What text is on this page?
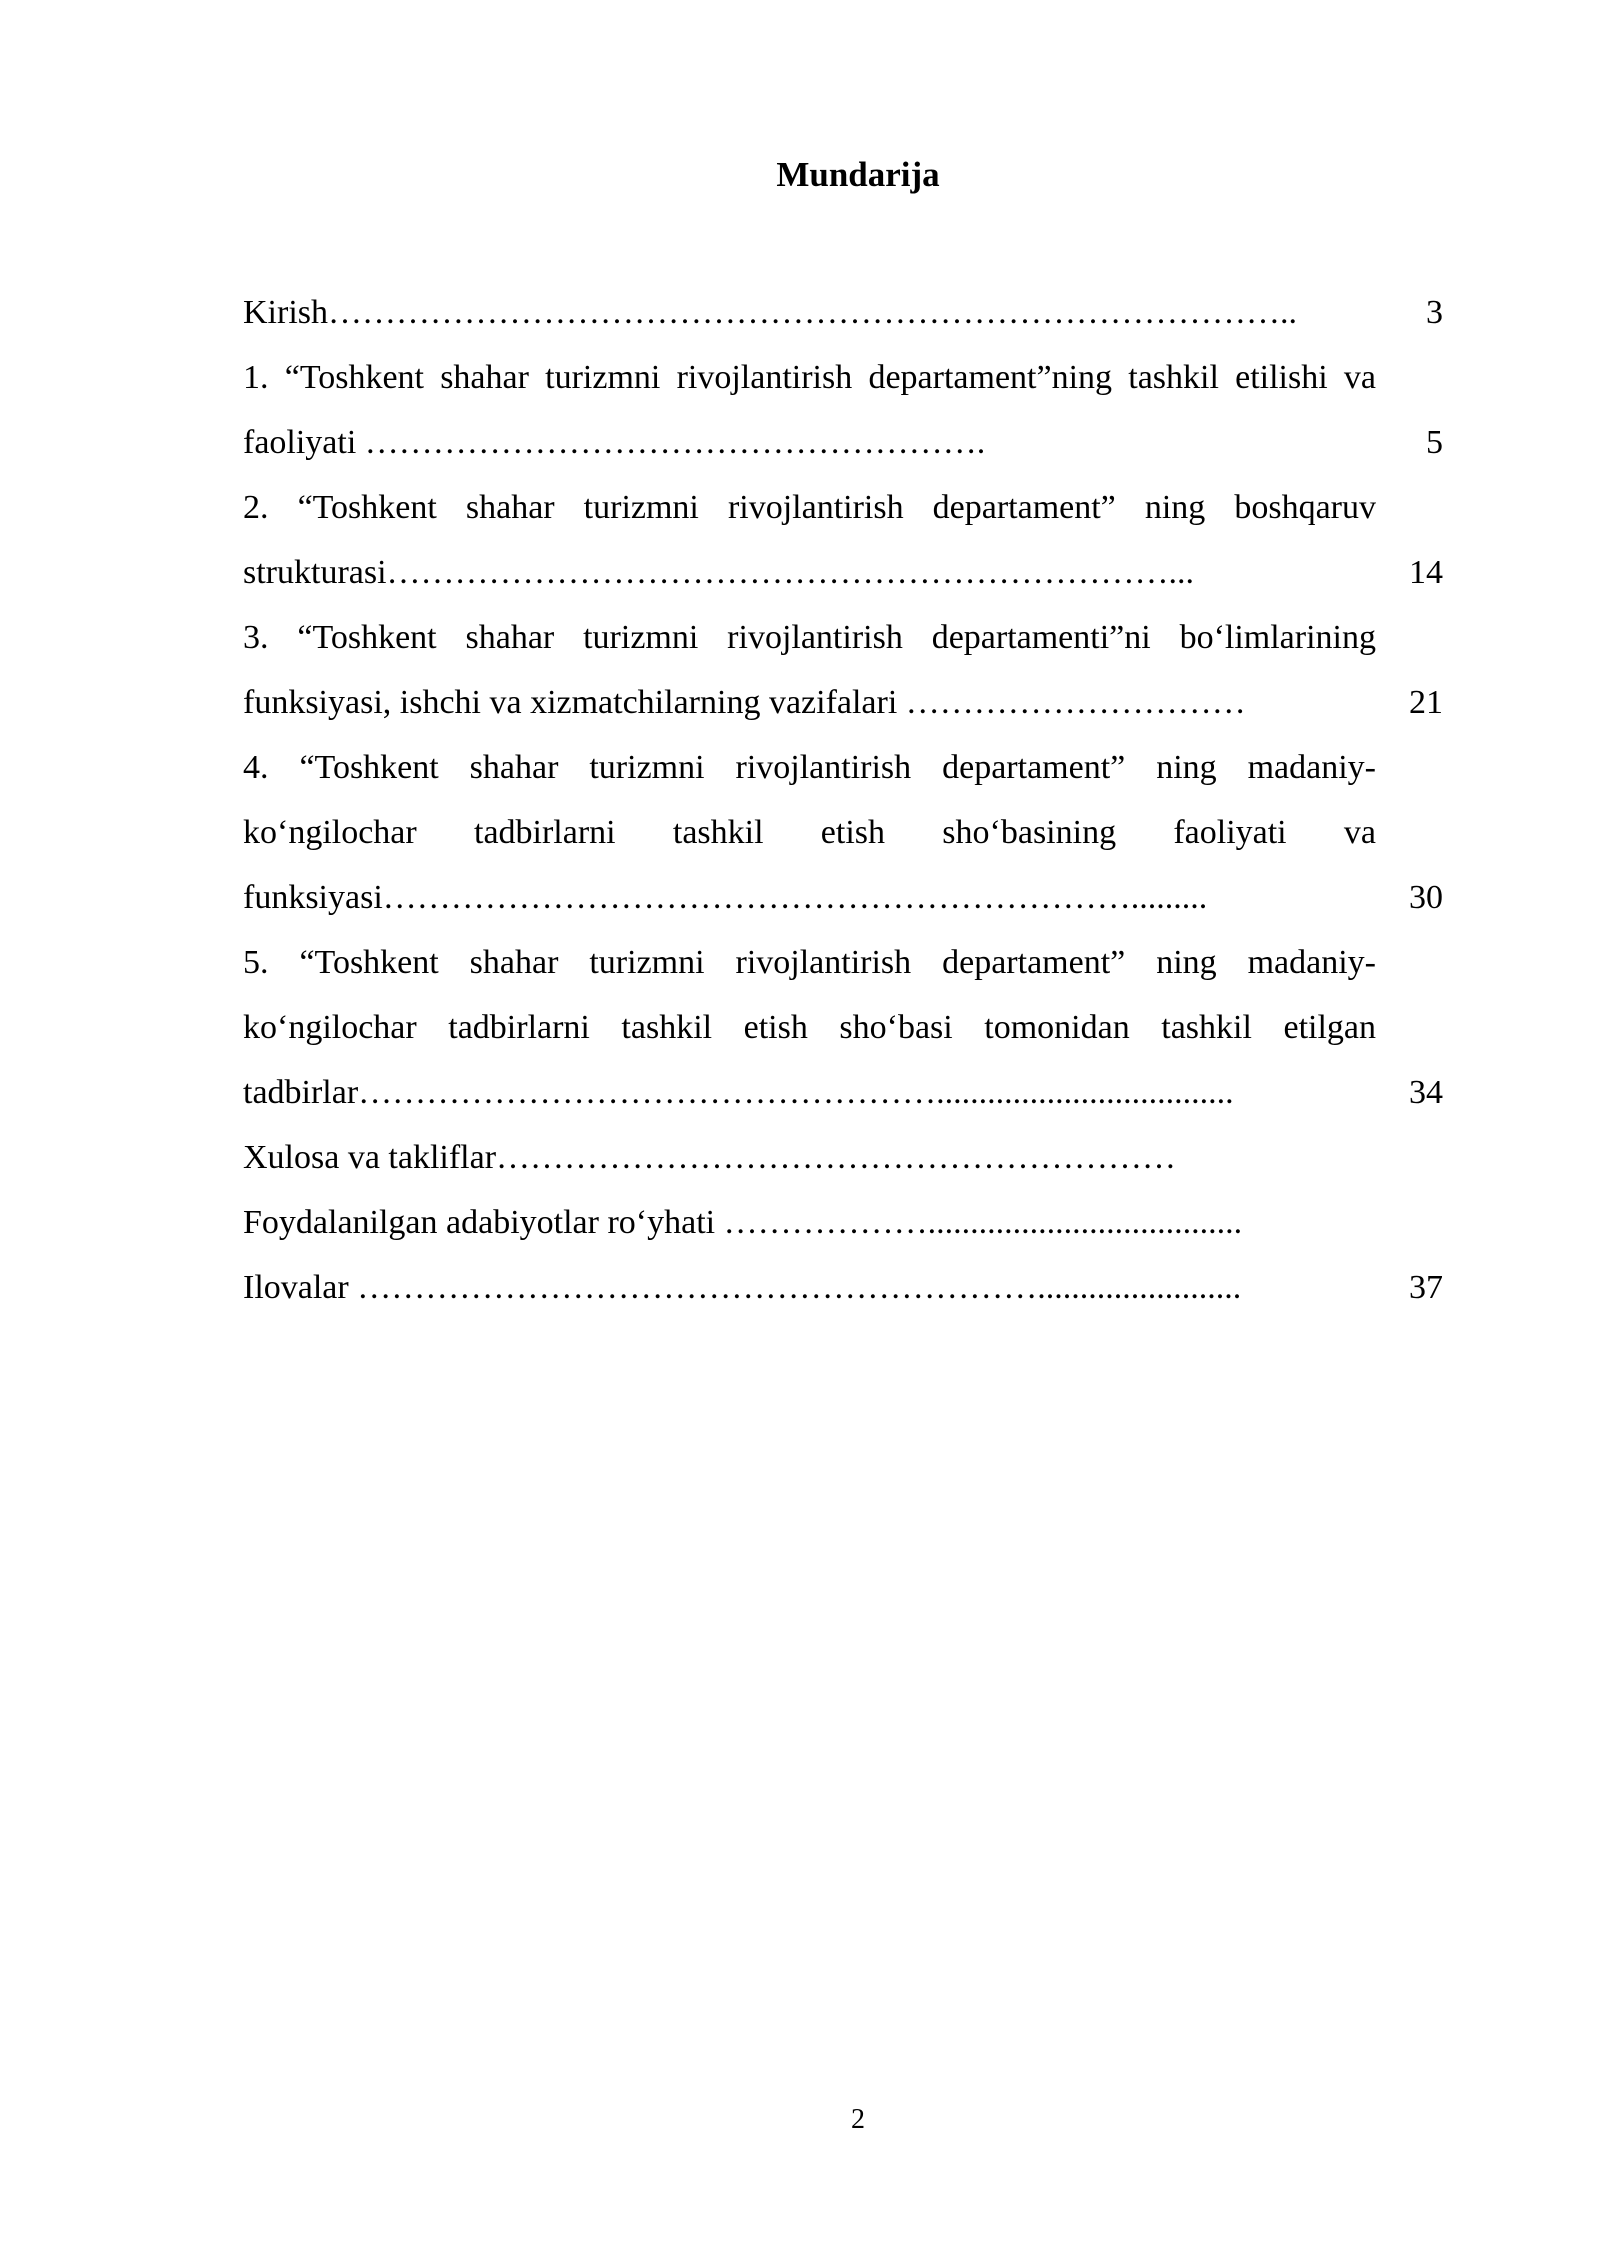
Mundarija
Kirish…………………………………………………………………………..	3
1. “Toshkent shahar turizmni rivojlantirish departament”ning tashkil etilishi va faoliyati ……………………………………………….	5
2. “Toshkent shahar turizmni rivojlantirish departament” ning boshqaruv strukturasi……………………………………………………………...	14
3. “Toshkent shahar turizmni rivojlantirish departamenti”ni bo‘limlarining funksiyasi, ishchi va xizmatchilarning vazifalari …………………………	21
4. “Toshkent shahar turizmni rivojlantirish departament” ning madaniy-ko‘ngilochar tadbirlarni tashkil etish sho‘basining faoliyati va funksiyasi………………………………………………………….........	30
5. “Toshkent shahar turizmni rivojlantirish departament” ning madaniy-ko‘ngilochar tadbirlarni tashkil etish sho‘basi tomonidan tashkil etilgan tadbirlar……………………………………………...................................	34
Xulosa va takliflar……………………………………………………
Foydalanilgan adabiyotlar ro‘yhati ……………….....................................
Ilovalar ……………………………………………………........................	37
2
